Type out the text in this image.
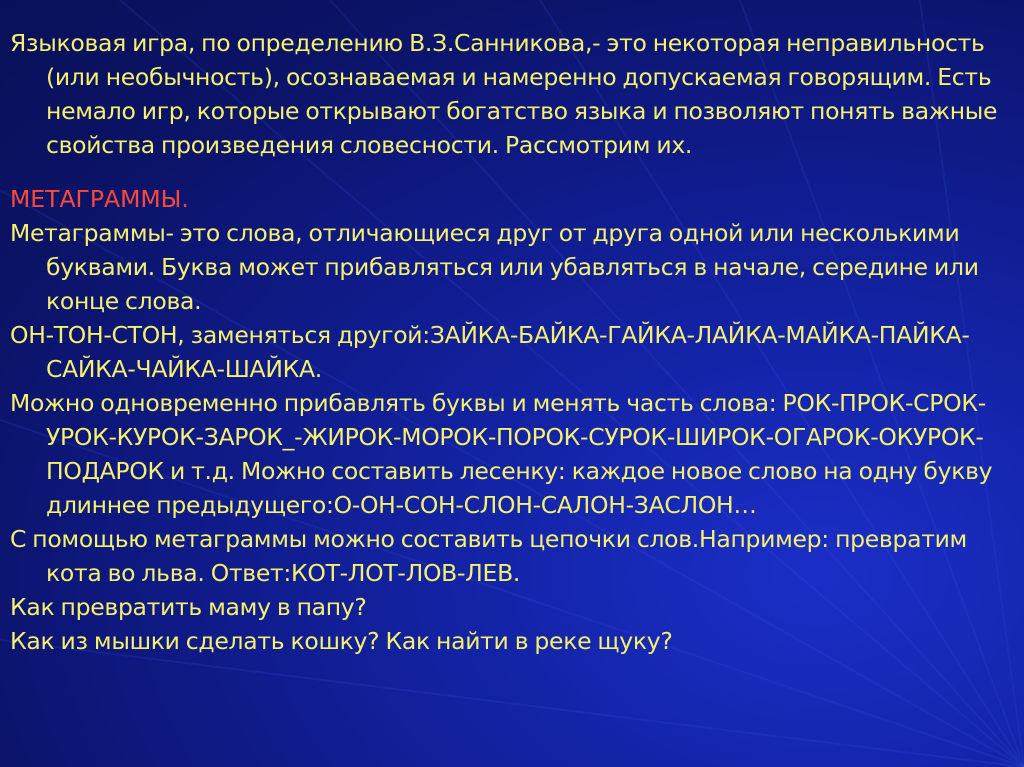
Языковая игра, по определению В.З.Санникова,- это некоторая неправильность (или необычность), осознаваемая и намеренно допускаемая говорящим. Есть немало игр, которые открывают богатство языка и позволяют понять важные свойства произведения словесности. Рассмотрим их.
МЕТАГРАММЫ.
Метаграммы- это слова, отличающиеся друг от друга одной или несколькими буквами. Буква может прибавляться или убавляться в начале, середине или конце слова.
ОН-ТОН-СТОН, заменяться другой:ЗАЙКА-БАЙКА-ГАЙКА-ЛАЙКА-МАЙКА-ПАЙКА-САЙКА-ЧАЙКА-ШАЙКА.
Можно одновременно прибавлять буквы и менять часть слова: РОК-ПРОК-СРОК-УРОК-КУРОК-ЗАРОК_-ЖИРОК-МОРОК-ПОРОК-СУРОК-ШИРОК-ОГАРОК-ОКУРОК-ПОДАРОК и т.д. Можно составить лесенку: каждое новое слово на одну букву длиннее предыдущего:О-ОН-СОН-СЛОН-САЛОН-ЗАСЛОН…
С помощью метаграммы можно составить цепочки слов.Например: превратим кота во льва. Ответ:КОТ-ЛОТ-ЛОВ-ЛЕВ.
Как превратить маму в папу?
Как из мышки сделать кошку? Как найти в реке щуку?
